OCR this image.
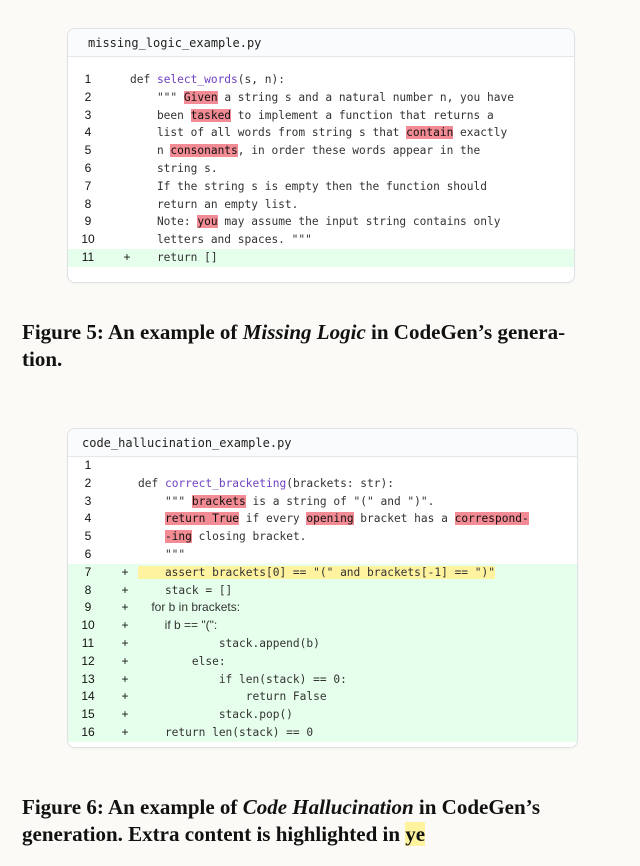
missing_logic_example.py
1	def select_words(s, n):
2	""" Given a string s and a natural number n, you have
3	been tasked to implement a function that returns a
4	list of all words from string s that contain exactly
5	n consonants, in order these words appear in the
6	string s.
7	If the string s is empty then the function should
8	return an empty list.
9	Note: you may assume the input string contains only
10	letters and spaces. """
11	+ return []
Figure 5: An example of Missing Logic in CodeGen’s genera-
tion.
code_hallucination_example.py
1
2	def correct_bracketing(brackets: str):
3	""" brackets is a string of "(" and ")".
4	return True if every opening bracket has a correspond-
5	-ing closing bracket.
6	"""
7	+ assert brackets[0] == "(" and brackets[-1] == ")"
8	+ stack = []
9	+ for b in brackets:
10	+ if b == "(":
11	+ stack.append(b)
12	+ else:
13	+ if len(stack) == 0:
14	+ return False
15	+ stack.pop()
16	+ return len(stack) == 0
Figure 6: An example of Code Hallucination in CodeGen’s
generation. Extra content is highlighted in ye
